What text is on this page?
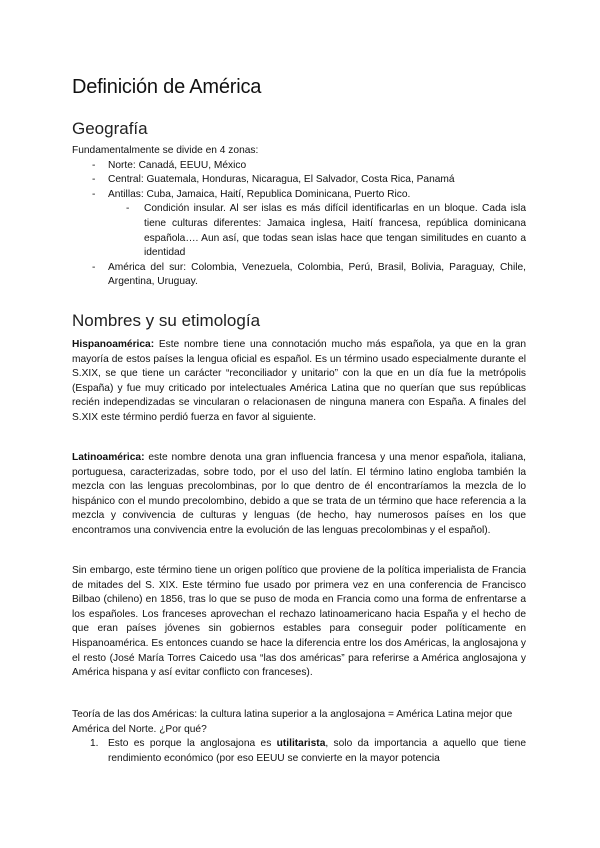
Definición de América
Geografía

Fundamentalmente se divide en 4 zonas:

- Norte: Canadá, EEUU, México
- Central: Guatemala, Honduras, Nicaragua, El Salvador, Costa Rica, Panamá
- Antillas: Cuba, Jamaica, Haití, Republica Dominicana, Puerto Rico.
- Condición insular. Al ser islas es más difícil identificarlas en un bloque. Cada isla tiene culturas diferentes: Jamaica inglesa, Haití francesa, república dominicana española…. Aun así, que todas sean islas hace que tengan similitudes en cuanto a identidad
- América del sur: Colombia, Venezuela, Colombia, Perú, Brasil, Bolivia, Paraguay, Chile, Argentina, Uruguay.
Nombres y su etimología

Hispanoamérica: Este nombre tiene una connotación mucho más española, ya que en la gran mayoría de estos países la lengua oficial es español. Es un término usado especialmente durante el S.XIX, se que tiene un carácter “reconciliador y unitario” con la que en un día fue la metrópolis (España) y fue muy criticado por intelectuales América Latina que no querían que sus repúblicas recién independizadas se vincularan o relacionasen de ninguna manera con España. A finales del S.XIX este término perdió fuerza en favor al siguiente.

Latinoamérica: este nombre denota una gran influencia francesa y una menor española, italiana, portuguesa, caracterizadas, sobre todo, por el uso del latín. El término latino engloba también la mezcla con las lenguas precolombinas, por lo que dentro de él encontraríamos la mezcla de lo hispánico con el mundo precolombino, debido a que se trata de un término que hace referencia a la mezcla y convivencia de culturas y lenguas (de hecho, hay numerosos países en los que encontramos una convivencia entre la evolución de las lenguas precolombinas y el español).

Sin embargo, este término tiene un origen político que proviene de la política imperialista de Francia de mitades del S. XIX. Este término fue usado por primera vez en una conferencia de Francisco Bilbao (chileno) en 1856, tras lo que se puso de moda en Francia como una forma de enfrentarse a los españoles. Los franceses aprovechan el rechazo latinoamericano hacia España y el hecho de que eran países jóvenes sin gobiernos estables para conseguir poder políticamente en Hispanoamérica. Es entonces cuando se hace la diferencia entre los dos Américas, la anglosajona y el resto (José María Torres Caicedo usa “las dos américas” para referirse a América anglosajona y América hispana y así evitar conflicto con franceses).

Teoría de las dos Américas: la cultura latina superior a la anglosajona = América Latina mejor que América del Norte. ¿Por qué?

1. Esto es porque la anglosajona es utilitarista, solo da importancia a aquello que tiene rendimiento económico (por eso EEUU se convierte en la mayor potencia
